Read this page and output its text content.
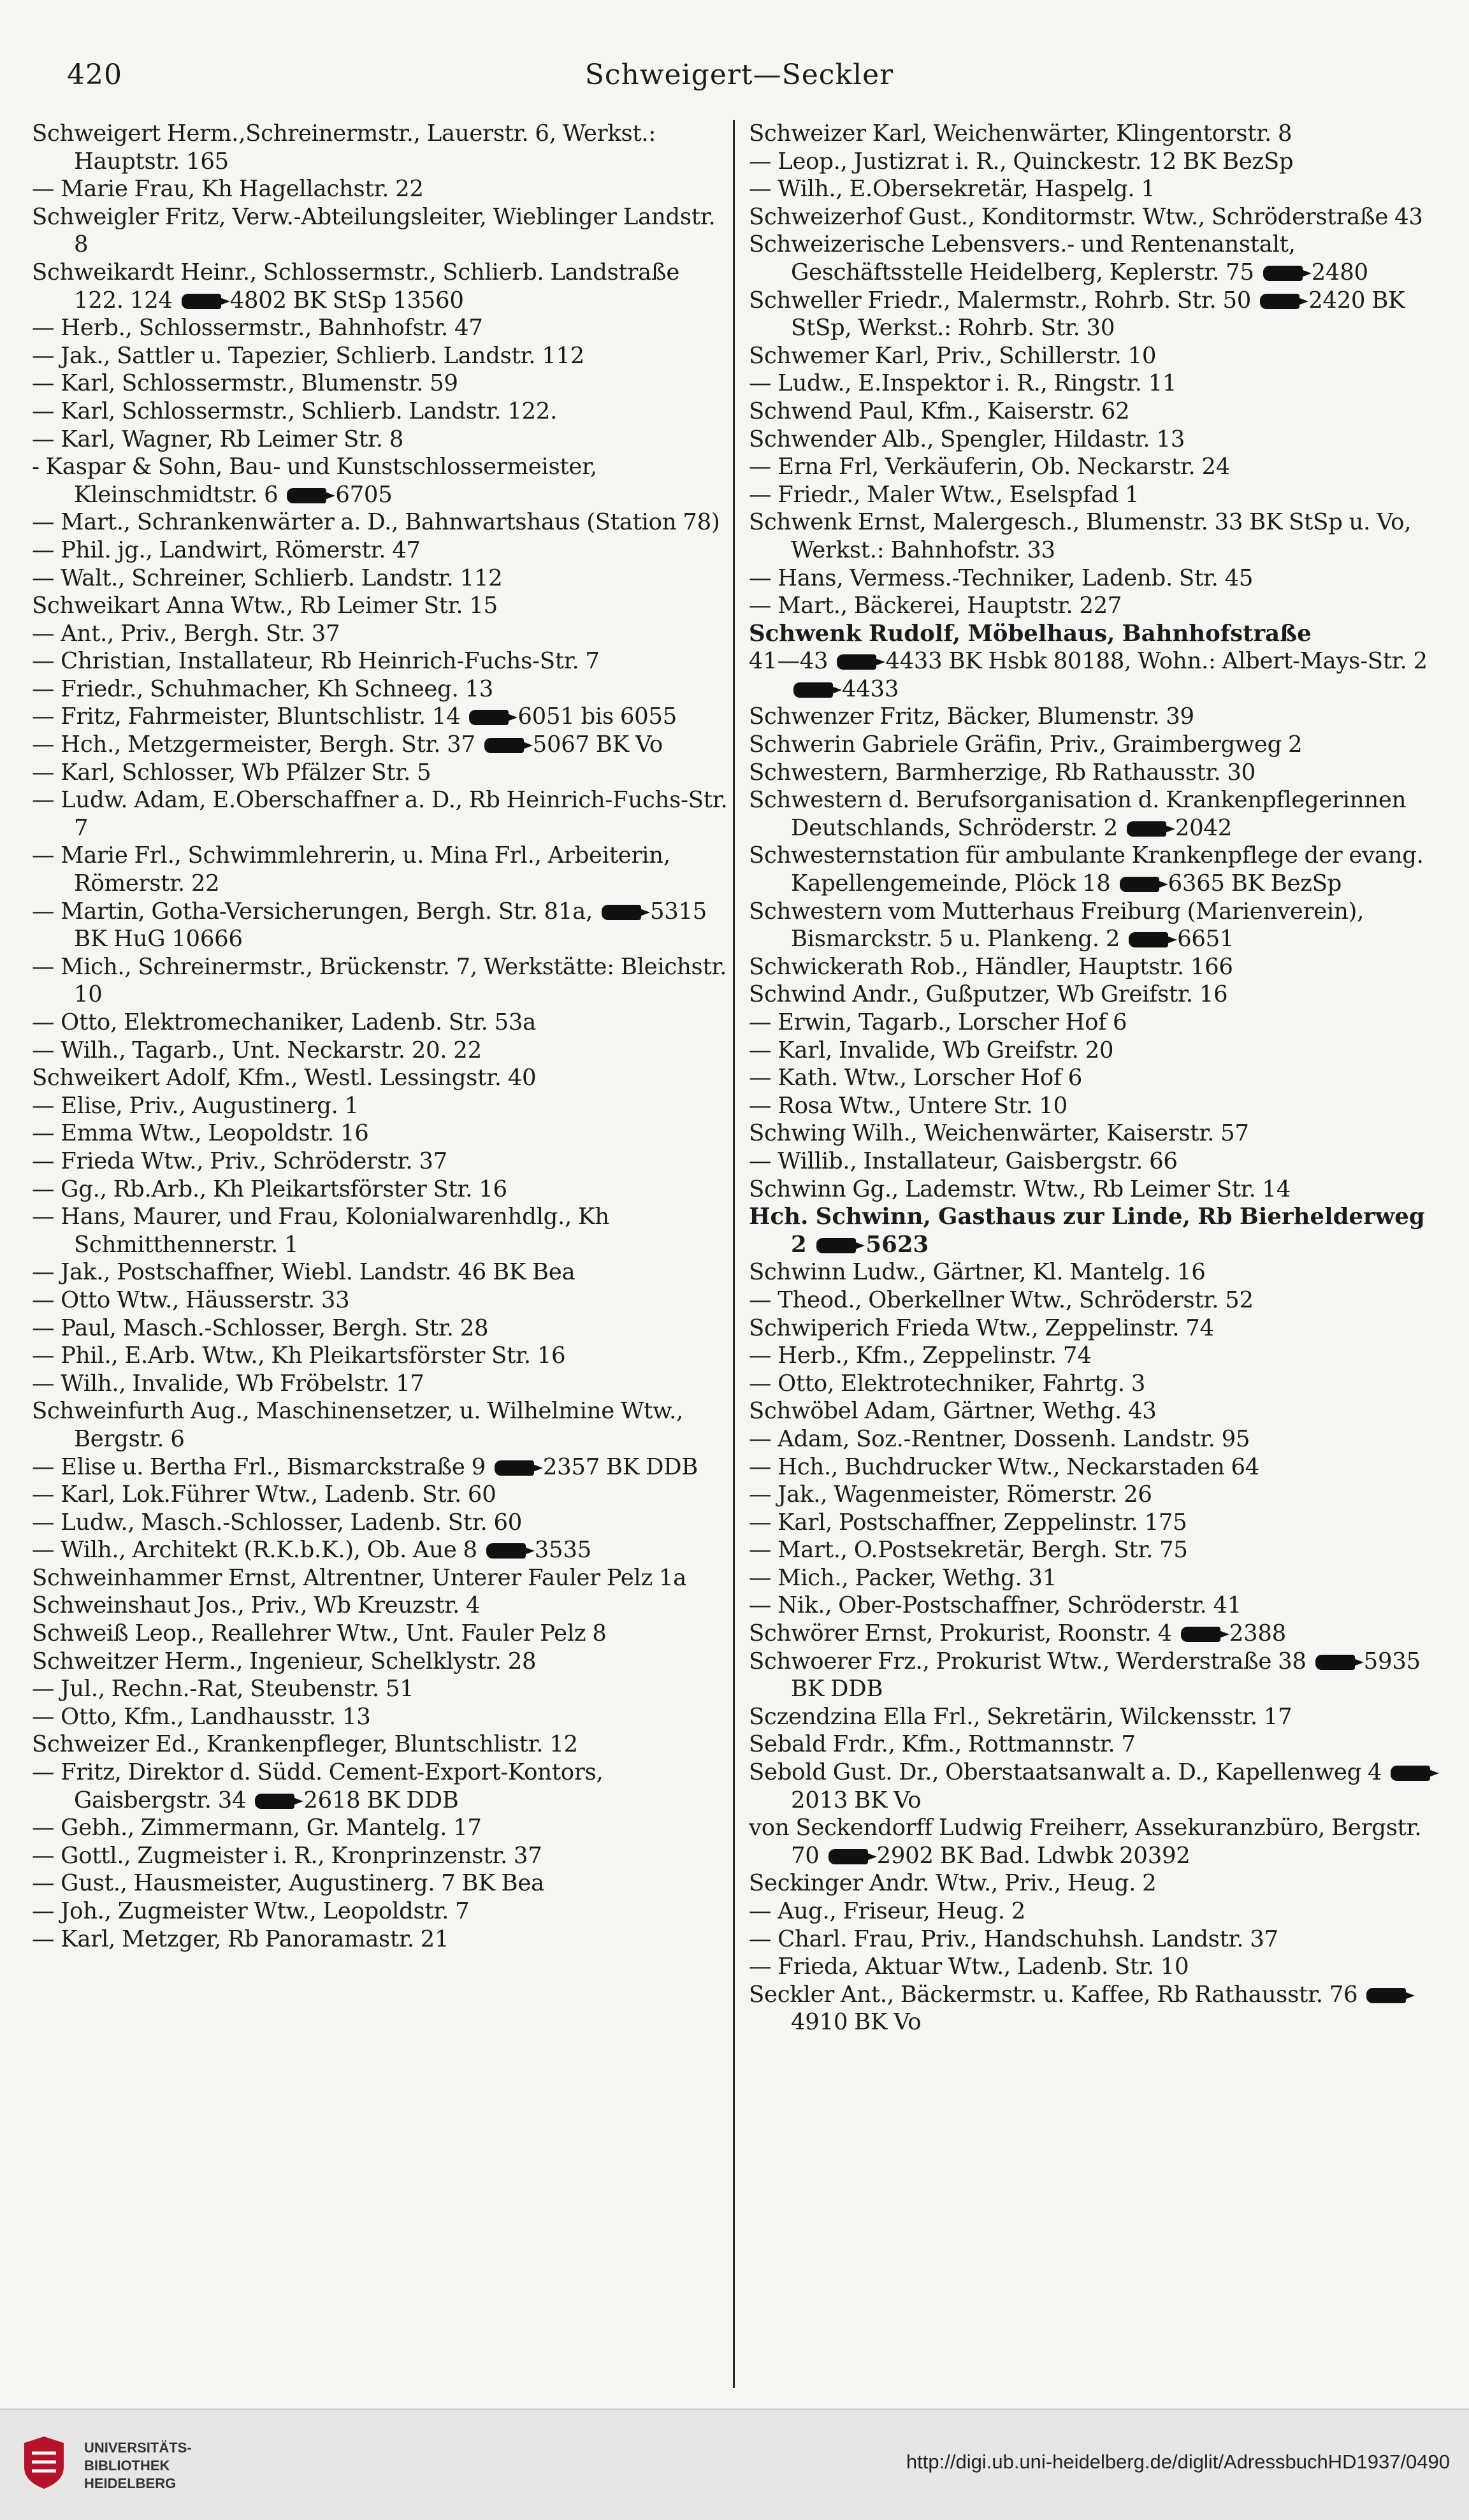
420	Schweigert—Seckler
Schweigert Herm.,Schreinermstr., Lauerstr. 6, Werkst.: Hauptstr. 165
— Marie Frau, Kh Hagellachstr. 22
Schweigler Fritz, Verw.-Abteilungsleiter, Wieblinger Landstr. 8
Schweikardt Heinr., Schlossermstr., Schlierb. Landstraße 122. 124  4802 BK StSp 13560
— Herb., Schlossermstr., Bahnhofstr. 47
— Jak., Sattler u. Tapezier, Schlierb. Landstr. 112
— Karl, Schlossermstr., Blumenstr. 59
— Karl, Schlossermstr., Schlierb. Landstr. 122.
— Karl, Wagner, Rb Leimer Str. 8
- Kaspar & Sohn, Bau- und Kunstschlossermeister, Kleinschmidtstr. 6  6705
— Mart., Schrankenwärter a. D., Bahnwartshaus (Station 78)
— Phil. jg., Landwirt, Römerstr. 47
— Walt., Schreiner, Schlierb. Landstr. 112
Schweikart Anna Wtw., Rb Leimer Str. 15
— Ant., Priv., Bergh. Str. 37
— Christian, Installateur, Rb Heinrich-Fuchs-Str. 7
— Friedr., Schuhmacher, Kh Schneeg. 13
— Fritz, Fahrmeister, Bluntschlistr. 14  6051 bis 6055
— Hch., Metzgermeister, Bergh. Str. 37  5067 BK Vo
— Karl, Schlosser, Wb Pfälzer Str. 5
— Ludw. Adam, E.Oberschaffner a. D., Rb Heinrich-Fuchs-Str. 7
— Marie Frl., Schwimmlehrerin, u. Mina Frl., Arbeiterin, Römerstr. 22
— Martin, Gotha-Versicherungen, Bergh. Str. 81a,  5315 BK HuG 10666
— Mich., Schreinermstr., Brückenstr. 7, Werkstätte: Bleichstr. 10
— Otto, Elektromechaniker, Ladenb. Str. 53a
— Wilh., Tagarb., Unt. Neckarstr. 20. 22
Schweikert Adolf, Kfm., Westl. Lessingstr. 40
— Elise, Priv., Augustinerg. 1
— Emma Wtw., Leopoldstr. 16
— Frieda Wtw., Priv., Schröderstr. 37
— Gg., Rb.Arb., Kh Pleikartsförster Str. 16
— Hans, Maurer, und Frau, Kolonialwarenhdlg., Kh Schmitthennerstr. 1
— Jak., Postschaffner, Wiebl. Landstr. 46 BK Bea
— Otto Wtw., Häusserstr. 33
— Paul, Masch.-Schlosser, Bergh. Str. 28
— Phil., E.Arb. Wtw., Kh Pleikartsförster Str. 16
— Wilh., Invalide, Wb Fröbelstr. 17
Schweinfurth Aug., Maschinensetzer, u. Wilhelmine Wtw., Bergstr. 6
— Elise u. Bertha Frl., Bismarckstraße 9  2357 BK DDB
— Karl, Lok.Führer Wtw., Ladenb. Str. 60
— Ludw., Masch.-Schlosser, Ladenb. Str. 60
— Wilh., Architekt (R.K.b.K.), Ob. Aue 8  3535
Schweinhammer Ernst, Altrentner, Unterer Fauler Pelz 1a
Schweinshaut Jos., Priv., Wb Kreuzstr. 4
Schweiß Leop., Reallehrer Wtw., Unt. Fauler Pelz 8
Schweitzer Herm., Ingenieur, Schelklystr. 28
— Jul., Rechn.-Rat, Steubenstr. 51
— Otto, Kfm., Landhausstr. 13
Schweizer Ed., Krankenpfleger, Bluntschlistr. 12
— Fritz, Direktor d. Südd. Cement-Export-Kontors, Gaisbergstr. 34  2618 BK DDB
— Gebh., Zimmermann, Gr. Mantelg. 17
— Gottl., Zugmeister i. R., Kronprinzenstr. 37
— Gust., Hausmeister, Augustinerg. 7 BK Bea
— Joh., Zugmeister Wtw., Leopoldstr. 7
— Karl, Metzger, Rb Panoramastr. 21
Schweizer Karl, Weichenwärter, Klingentorstr. 8
— Leop., Justizrat i. R., Quinckestr. 12 BK BezSp
— Wilh., E.Obersekretär, Haspelg. 1
Schweizerhof Gust., Konditormstr. Wtw., Schröderstraße 43
Schweizerische Lebensvers.- und Rentenanstalt, Geschäftsstelle Heidelberg, Keplerstr. 75  2480
Schweller Friedr., Malermstr., Rohrb. Str. 50  2420 BK StSp, Werkst.: Rohrb. Str. 30
Schwemer Karl, Priv., Schillerstr. 10
— Ludw., E.Inspektor i. R., Ringstr. 11
Schwend Paul, Kfm., Kaiserstr. 62
Schwender Alb., Spengler, Hildastr. 13
— Erna Frl, Verkäuferin, Ob. Neckarstr. 24
— Friedr., Maler Wtw., Eselspfad 1
Schwenk Ernst, Malergesch., Blumenstr. 33 BK StSp u. Vo, Werkst.: Bahnhofstr. 33
— Hans, Vermess.-Techniker, Ladenb. Str. 45
— Mart., Bäckerei, Hauptstr. 227
Schwenk Rudolf, Möbelhaus, Bahnhofstraße
41—43  4433 BK Hsbk 80188, Wohn.: Albert-Mays-Str. 2  4433
Schwenzer Fritz, Bäcker, Blumenstr. 39
Schwerin Gabriele Gräfin, Priv., Graimbergweg 2
Schwestern, Barmherzige, Rb Rathausstr. 30
Schwestern d. Berufsorganisation d. Krankenpflegerinnen Deutschlands, Schröderstr. 2  2042
Schwesternstation für ambulante Krankenpflege der evang. Kapellengemeinde, Plöck 18  6365 BK BezSp
Schwestern vom Mutterhaus Freiburg (Marienverein), Bismarckstr. 5 u. Plankeng. 2  6651
Schwickerath Rob., Händler, Hauptstr. 166
Schwind Andr., Gußputzer, Wb Greifstr. 16
— Erwin, Tagarb., Lorscher Hof 6
— Karl, Invalide, Wb Greifstr. 20
— Kath. Wtw., Lorscher Hof 6
— Rosa Wtw., Untere Str. 10
Schwing Wilh., Weichenwärter, Kaiserstr. 57
— Willib., Installateur, Gaisbergstr. 66
Schwinn Gg., Lademstr. Wtw., Rb Leimer Str. 14
Hch. Schwinn, Gasthaus zur Linde, Rb Bierhelderweg 2  5623
Schwinn Ludw., Gärtner, Kl. Mantelg. 16
— Theod., Oberkellner Wtw., Schröderstr. 52
Schwiperich Frieda Wtw., Zeppelinstr. 74
— Herb., Kfm., Zeppelinstr. 74
— Otto, Elektrotechniker, Fahrtg. 3
Schwöbel Adam, Gärtner, Wethg. 43
— Adam, Soz.-Rentner, Dossenh. Landstr. 95
— Hch., Buchdrucker Wtw., Neckarstaden 64
— Jak., Wagenmeister, Römerstr. 26
— Karl, Postschaffner, Zeppelinstr. 175
— Mart., O.Postsekretär, Bergh. Str. 75
— Mich., Packer, Wethg. 31
— Nik., Ober-Postschaffner, Schröderstr. 41
Schwörer Ernst, Prokurist, Roonstr. 4  2388
Schwoerer Frz., Prokurist Wtw., Werderstraße 38  5935 BK DDB
Sczendzina Ella Frl., Sekretärin, Wilckensstr. 17
Sebald Frdr., Kfm., Rottmannstr. 7
Sebold Gust. Dr., Oberstaatsanwalt a. D., Kapellenweg 4  2013 BK Vo
von Seckendorff Ludwig Freiherr, Assekuranzbüro, Bergstr. 70  2902 BK Bad. Ldwbk 20392
Seckinger Andr. Wtw., Priv., Heug. 2
— Aug., Friseur, Heug. 2
— Charl. Frau, Priv., Handschuhsh. Landstr. 37
— Frieda, Aktuar Wtw., Ladenb. Str. 10
Seckler Ant., Bäckermstr. u. Kaffee, Rb Rathausstr. 76  4910 BK Vo
UNIVERSITÄTS-
BIBLIOTHEK
HEIDELBERG
http://digi.ub.uni-heidelberg.de/diglit/AdressbuchHD1937/0490
